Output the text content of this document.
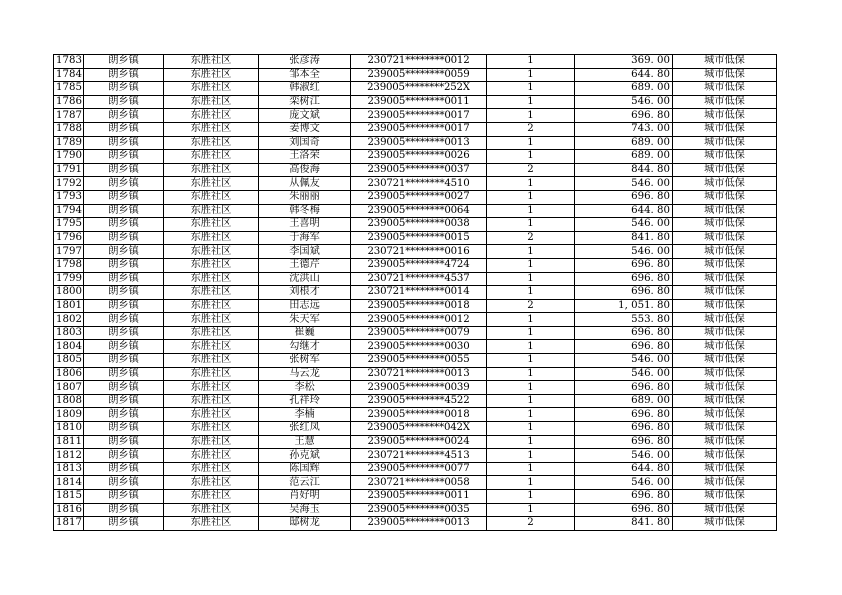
1783	朗乡镇	东胜社区	张彦涛	230721********0012	1	369. 00	城市低保
1784	朗乡镇	东胜社区	邹本全	239005********0059	1	644. 80	城市低保
1785	朗乡镇	东胜社区	韩淑红	239005********252X	1	689. 00	城市低保
1786	朗乡镇	东胜社区	栾树江	239005********0011	1	546. 00	城市低保
1787	朗乡镇	东胜社区	庞文斌	239005********0017	1	696. 80	城市低保
1788	朗乡镇	东胜社区	姜博文	239005********0017	2	743. 00	城市低保
1789	朗乡镇	东胜社区	刘国奇	239005********0013	1	689. 00	城市低保
1790	朗乡镇	东胜社区	王洛荣	239005********0026	1	689. 00	城市低保
1791	朗乡镇	东胜社区	高俊海	239005********0037	2	844. 80	城市低保
1792	朗乡镇	东胜社区	从佩友	230721********4510	1	546. 00	城市低保
1793	朗乡镇	东胜社区	朱丽丽	239005********0027	1	696. 80	城市低保
1794	朗乡镇	东胜社区	韩冬梅	239005********0064	1	644. 80	城市低保
1795	朗乡镇	东胜社区	王喜明	239005********0038	1	546. 00	城市低保
1796	朗乡镇	东胜社区	于海军	239005********0015	2	841. 80	城市低保
1797	朗乡镇	东胜社区	李国斌	230721********0016	1	546. 00	城市低保
1798	朗乡镇	东胜社区	王德芹	239005********4724	1	696. 80	城市低保
1799	朗乡镇	东胜社区	沈洪山	230721********4537	1	696. 80	城市低保
1800	朗乡镇	东胜社区	刘根才	230721********0014	1	696. 80	城市低保
1801	朗乡镇	东胜社区	田志远	239005********0018	2	1, 051. 80	城市低保
1802	朗乡镇	东胜社区	朱天军	239005********0012	1	553. 80	城市低保
1803	朗乡镇	东胜社区	崔巍	239005********0079	1	696. 80	城市低保
1804	朗乡镇	东胜社区	勾继才	239005********0030	1	696. 80	城市低保
1805	朗乡镇	东胜社区	张树军	239005********0055	1	546. 00	城市低保
1806	朗乡镇	东胜社区	马云龙	230721********0013	1	546. 00	城市低保
1807	朗乡镇	东胜社区	李松	239005********0039	1	696. 80	城市低保
1808	朗乡镇	东胜社区	孔祥玲	239005********4522	1	689. 00	城市低保
1809	朗乡镇	东胜社区	李楠	239005********0018	1	696. 80	城市低保
1810	朗乡镇	东胜社区	张红凤	239005********042X	1	696. 80	城市低保
1811	朗乡镇	东胜社区	王慧	239005********0024	1	696. 80	城市低保
1812	朗乡镇	东胜社区	孙克斌	230721********4513	1	546. 00	城市低保
1813	朗乡镇	东胜社区	陈国辉	239005********0077	1	644. 80	城市低保
1814	朗乡镇	东胜社区	范云江	230721********0058	1	546. 00	城市低保
1815	朗乡镇	东胜社区	肖好明	239005********0011	1	696. 80	城市低保
1816	朗乡镇	东胜社区	吴海玉	239005********0035	1	696. 80	城市低保
1817	朗乡镇	东胜社区	邸树龙	239005********0013	2	841. 80	城市低保
